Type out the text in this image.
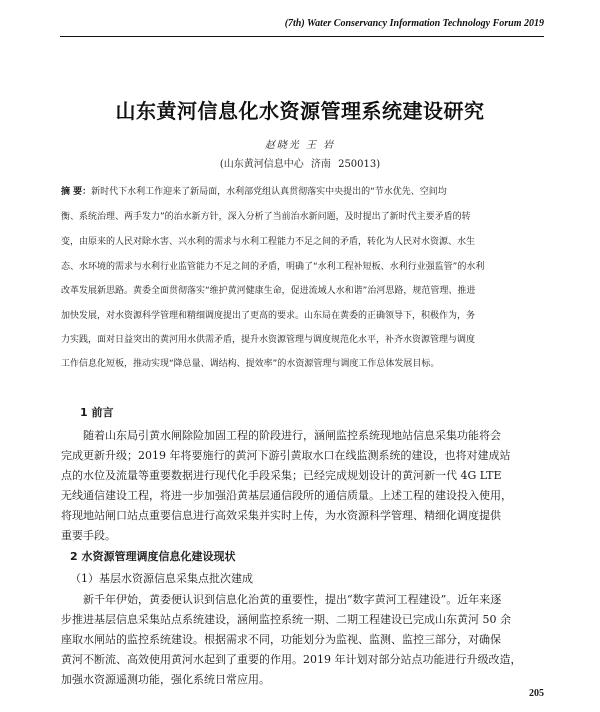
(7th) Water Conservancy Information Technology Forum 2019
山东黄河信息化水资源管理系统建设研究
赵晓光 王 岩
(山东黄河信息中心 济南 250013)
摘 要：新时代下水利工作迎来了新局面，水利部党组认真贯彻落实中央提出的“节水优先、空间均
衡、系统治理、两手发力”的治水新方针，深入分析了当前治水新问题，及时提出了新时代主要矛盾的转
变，由原来的人民对除水害、兴水利的需求与水利工程能力不足之间的矛盾，转化为人民对水资源、水生
态、水环境的需求与水利行业监管能力不足之间的矛盾，明确了“水利工程补短板、水利行业强监管”的水利
改革发展新思路。黄委全面贯彻落实“维护黄河健康生命，促进流域人水和谐”治河思路，规范管理、推进
加快发展，对水资源科学管理和精细调度提出了更高的要求。山东局在黄委的正确领导下，积极作为，务
力实践，面对日益突出的黄河用水供需矛盾，提升水资源管理与调度规范化水平，补齐水资源管理与调度
工作信息化短板，推动实现“降总量、调结构、提效率”的水资源管理与调度工作总体发展目标。
1 前言
随着山东局引黄水闸除险加固工程的阶段进行，涵闸监控系统现地站信息采集功能将会
完成更新升级；2019 年将要施行的黄河下游引黄取水口在线监测系统的建设，也将对建成站
点的水位及流量等重要数据进行现代化手段采集；已经完成规划设计的黄河新一代 4G LTE
无线通信建设工程，将进一步加强沿黄基层通信段所的通信质量。上述工程的建设投入使用，
将现地站闸口站点重要信息进行高效采集并实时上传，为水资源科学管理、精细化调度提供
重要手段。
2 水资源管理调度信息化建设现状
（1）基层水资源信息采集点批次建成
新千年伊始，黄委便认识到信息化治黄的重要性，提出“数字黄河工程建设”。近年来逐
步推进基层信息采集站点系统建设，涵闸监控系统一期、二期工程建设已完成山东黄河 50 余
座取水闸站的监控系统建设。根据需求不同，功能划分为监视、监测、监控三部分，对确保
黄河不断流、高效使用黄河水起到了重要的作用。2019 年计划对部分站点功能进行升级改造，
加强水资源遥测功能，强化系统日常应用。
205
